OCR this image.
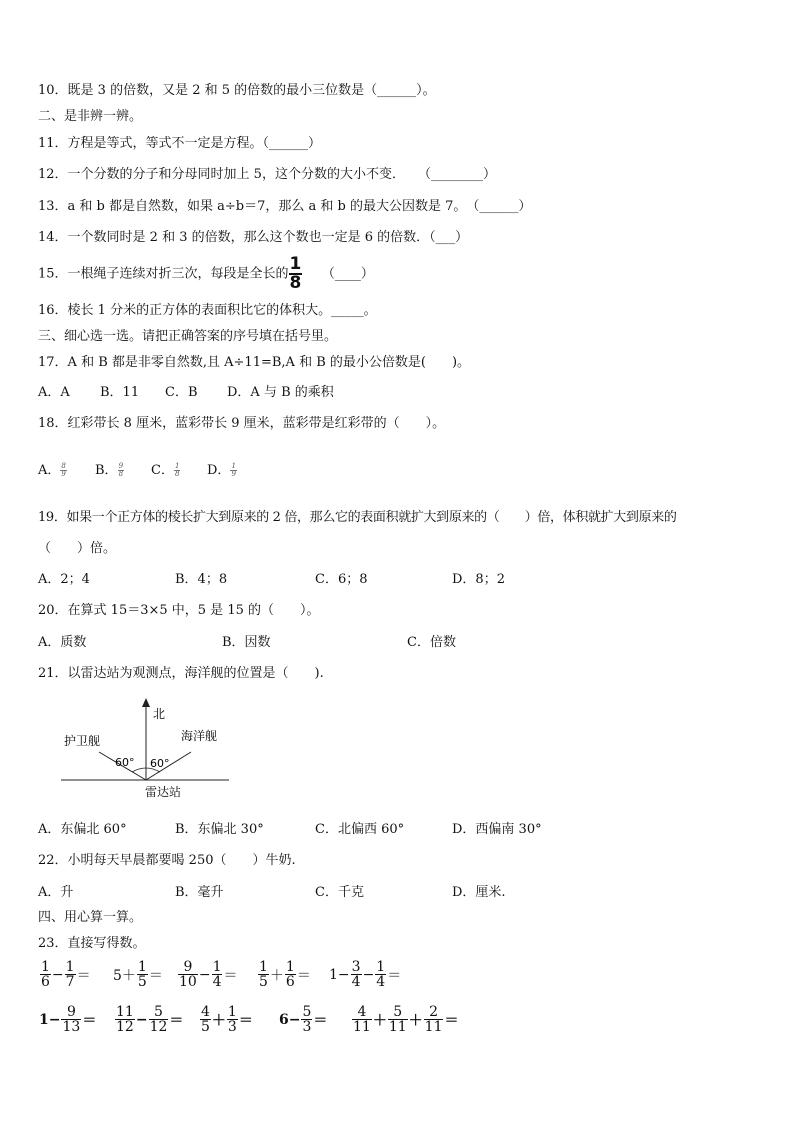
10．既是 3 的倍数，又是 2 和 5 的倍数的最小三位数是（______）。
二、是非辨一辨。
11．方程是等式，等式不一定是方程。（______）
12．一个分数的分子和分母同时加上 5，这个分数的大小不变．　　（________）
13．a 和 b 都是自然数，如果 a÷b＝7，那么 a 和 b 的最大公因数是 7。　（______）
14．一个数同时是 2 和 3 的倍数，那么这个数也一定是 6 的倍数．（___）
15．一根绳子连续对折三次，每段是全长的 $\frac{1}{8}$ 　　（____）
16．棱长 1 分米的正方体的表面积比它的体积大。_____。
三、细心选一选。请把正确答案的序号填在括号里。
17．A 和 B 都是非零自然数,且 A÷11=B,A 和 B 的最小公倍数是(　　)。
A．A B．11 C．B D．A 与 B 的乘积
18．红彩带长 8 厘米，蓝彩带长 9 厘米，蓝彩带是红彩带的（　　）。
A． $\frac{8}{9}$ B． $\frac{9}{8}$ C． $\frac{1}{8}$ D． $\frac{1}{9}$
19．如果一个正方体的棱长扩大到原来的 2 倍，那么它的表面积就扩大到原来的（　　）倍，体积就扩大到原来的
（　　）倍。
A．2；4	B．4；8	C．6；8	D．8；2
20．在算式 15＝3×5 中，5 是 15 的（　　）。
A．质数	B．因数	C．倍数
21．以雷达站为观测点，海洋舰的位置是（　　).
北
护卫舰	海洋舰
60° 60°
雷达站
A．东偏北 60°	B．东偏北 30°	C．北偏西 60°	D．西偏南 30°
22．小明每天早晨都要喝 250（　　）牛奶.
A．升	B．毫升	C．千克	D．厘米.
四、用心算一算。
23．直接写得数。
$\frac{1}{6} - \frac{1}{7} = 5+ \frac{1}{5} = \frac{9}{10} - \frac{1}{4} = \frac{1}{5} + \frac{1}{6} = 1- \frac{3}{4} - \frac{1}{4}$ ＝
$1- \frac{9}{13} = \frac{11}{12} - \frac{5}{12} = \frac{4}{5} + \frac{1}{3} = 6- \frac{5}{3} = \frac{4}{11} + \frac{5}{11} + \frac{2}{11}$ ＝
